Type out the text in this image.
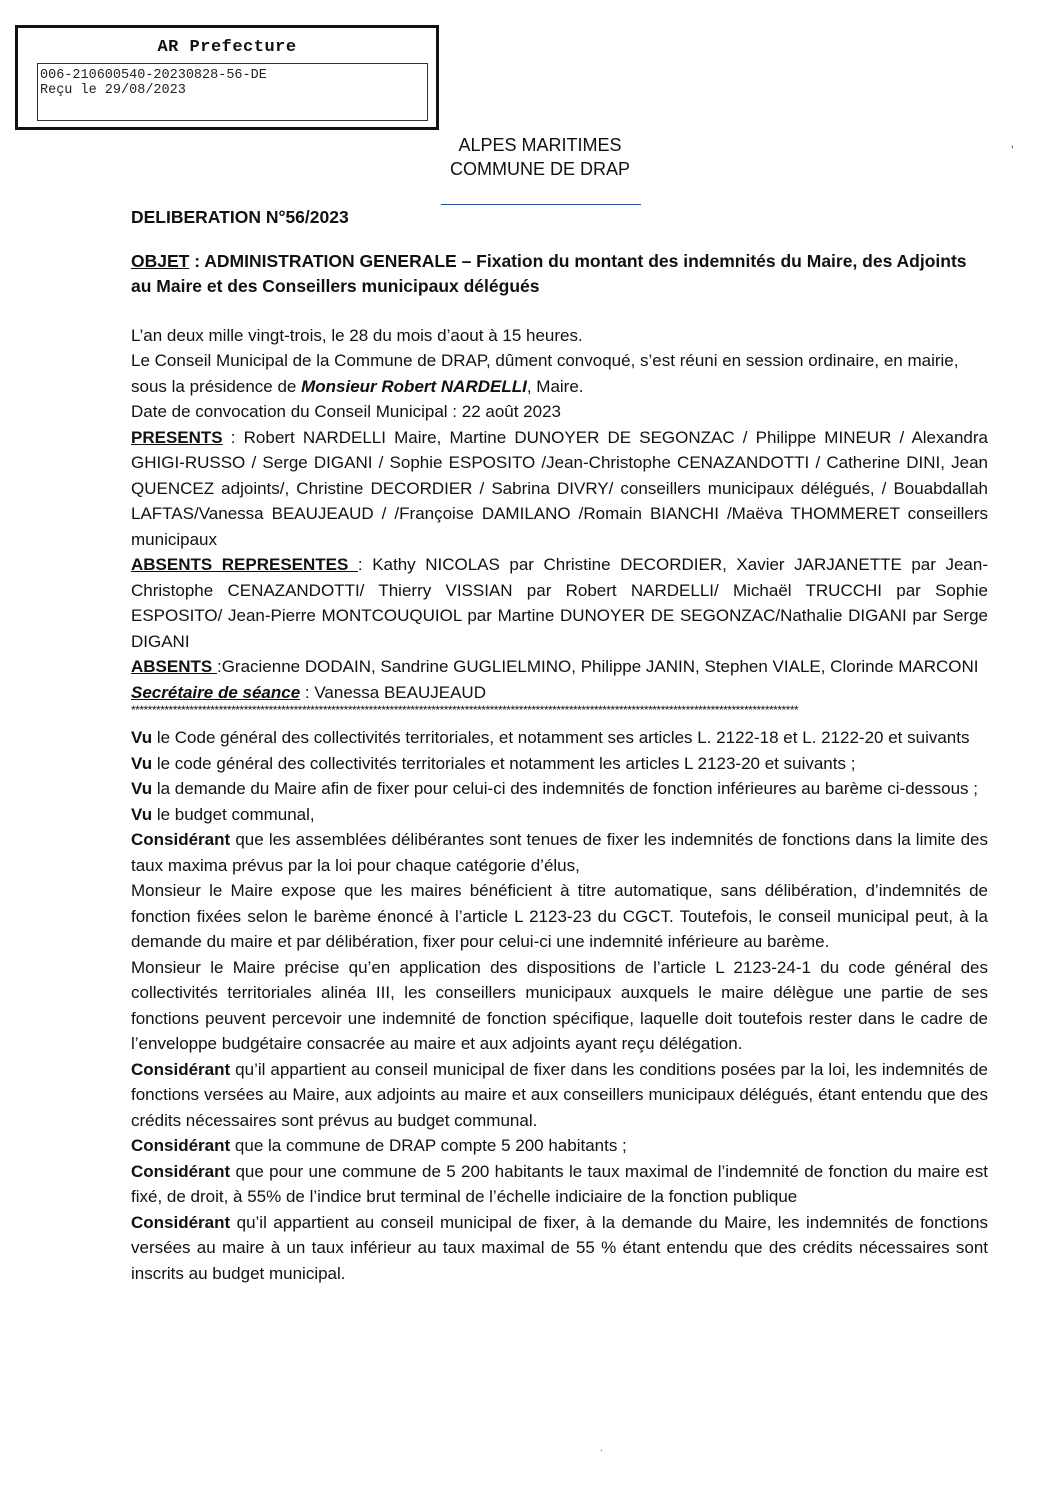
AR Prefecture
006-210600540-20230828-56-DE
Reçu le 29/08/2023
‚
ALPES MARITIMES
COMMUNE DE DRAP

DELIBERATION N°56/2023

OBJET : ADMINISTRATION GENERALE – Fixation du montant des indemnités du Maire, des Adjoints au Maire et des Conseillers municipaux délégués

L’an deux mille vingt-trois, le 28 du mois d’aout à 15 heures.

Le Conseil Municipal de la Commune de DRAP, dûment convoqué, s’est réuni en session ordinaire, en mairie, sous la présidence de Monsieur Robert NARDELLI, Maire.

Date de convocation du Conseil Municipal : 22 août 2023

PRESENTS : Robert NARDELLI Maire, Martine DUNOYER DE SEGONZAC / Philippe MINEUR / Alexandra GHIGI-RUSSO / Serge DIGANI / Sophie ESPOSITO /Jean-Christophe CENAZANDOTTI / Catherine DINI, Jean QUENCEZ adjoints/, Christine DECORDIER / Sabrina DIVRY/ conseillers municipaux délégués, / Bouabdallah LAFTAS/Vanessa BEAUJEAUD / /Françoise DAMILANO /Romain BIANCHI /Maëva THOMMERET conseillers municipaux

ABSENTS REPRESENTES : Kathy NICOLAS par Christine DECORDIER, Xavier JARJANETTE par Jean-Christophe CENAZANDOTTI/ Thierry VISSIAN par Robert NARDELLI/ Michaël TRUCCHI par Sophie ESPOSITO/ Jean-Pierre MONTCOUQUIOL par Martine DUNOYER DE SEGONZAC/Nathalie DIGANI par Serge DIGANI

ABSENTS :Gracienne DODAIN, Sandrine GUGLIELMINO, Philippe JANIN, Stephen VIALE, Clorinde MARCONI

Secrétaire de séance : Vanessa BEAUJEAUD

****************************************************************************************************************************************************************

Vu le Code général des collectivités territoriales, et notamment ses articles L. 2122-18 et L. 2122-20 et suivants

Vu le code général des collectivités territoriales et notamment les articles L 2123-20 et suivants ;

Vu la demande du Maire afin de fixer pour celui-ci des indemnités de fonction inférieures au barème ci-dessous ;

Vu le budget communal,

Considérant que les assemblées délibérantes sont tenues de fixer les indemnités de fonctions dans la limite des taux maxima prévus par la loi pour chaque catégorie d’élus,

Monsieur le Maire expose que les maires bénéficient à titre automatique, sans délibération, d’indemnités de fonction fixées selon le barème énoncé à l’article L 2123-23 du CGCT. Toutefois, le conseil municipal peut, à la demande du maire et par délibération, fixer pour celui-ci une indemnité inférieure au barème.

Monsieur le Maire précise qu’en application des dispositions de l’article L 2123-24-1 du code général des collectivités territoriales alinéa III, les conseillers municipaux auxquels le maire délègue une partie de ses fonctions peuvent percevoir une indemnité de fonction spécifique, laquelle doit toutefois rester dans le cadre de l’enveloppe budgétaire consacrée au maire et aux adjoints ayant reçu délégation.

Considérant qu’il appartient au conseil municipal de fixer dans les conditions posées par la loi, les indemnités de fonctions versées au Maire, aux adjoints au maire et aux conseillers municipaux délégués, étant entendu que des crédits nécessaires sont prévus au budget communal.

Considérant que la commune de DRAP compte 5 200 habitants ;

Considérant que pour une commune de 5 200 habitants le taux maximal de l’indemnité de fonction du maire est fixé, de droit, à 55% de l’indice brut terminal de l’échelle indiciaire de la fonction publique

Considérant qu’il appartient au conseil municipal de fixer, à la demande du Maire, les indemnités de fonctions versées au maire à un taux inférieur au taux maximal de 55 % étant entendu que des crédits nécessaires sont inscrits au budget municipal.

.
